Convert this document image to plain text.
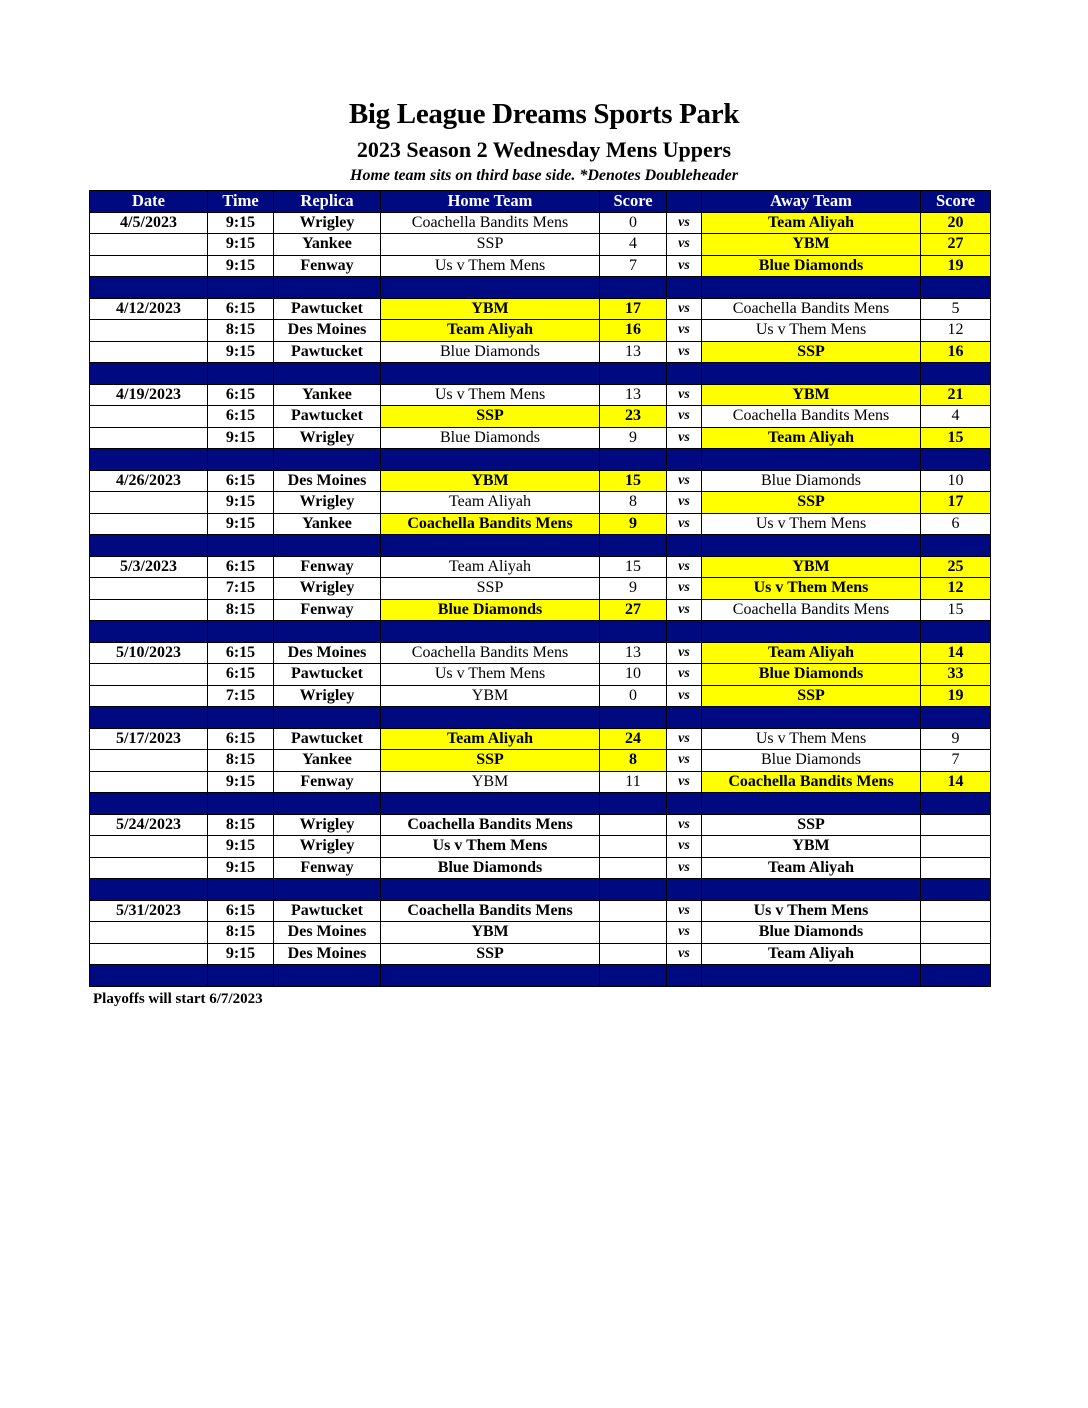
Big League Dreams Sports Park
2023 Season 2 Wednesday Mens Uppers
Home team sits on third base side. *Denotes Doubleheader
Date	Time	Replica	Home Team	Score		Away Team	Score
4/5/2023	9:15	Wrigley	Coachella Bandits Mens	0	vs	Team Aliyah	20
	9:15	Yankee	SSP	4	vs	YBM	27
	9:15	Fenway	Us v Them Mens	7	vs	Blue Diamonds	19

4/12/2023	6:15	Pawtucket	YBM	17	vs	Coachella Bandits Mens	5
	8:15	Des Moines	Team Aliyah	16	vs	Us v Them Mens	12
	9:15	Pawtucket	Blue Diamonds	13	vs	SSP	16

4/19/2023	6:15	Yankee	Us v Them Mens	13	vs	YBM	21
	6:15	Pawtucket	SSP	23	vs	Coachella Bandits Mens	4
	9:15	Wrigley	Blue Diamonds	9	vs	Team Aliyah	15

4/26/2023	6:15	Des Moines	YBM	15	vs	Blue Diamonds	10
	9:15	Wrigley	Team Aliyah	8	vs	SSP	17
	9:15	Yankee	Coachella Bandits Mens	9	vs	Us v Them Mens	6

5/3/2023	6:15	Fenway	Team Aliyah	15	vs	YBM	25
	7:15	Wrigley	SSP	9	vs	Us v Them Mens	12
	8:15	Fenway	Blue Diamonds	27	vs	Coachella Bandits Mens	15

5/10/2023	6:15	Des Moines	Coachella Bandits Mens	13	vs	Team Aliyah	14
	6:15	Pawtucket	Us v Them Mens	10	vs	Blue Diamonds	33
	7:15	Wrigley	YBM	0	vs	SSP	19

5/17/2023	6:15	Pawtucket	Team Aliyah	24	vs	Us v Them Mens	9
	8:15	Yankee	SSP	8	vs	Blue Diamonds	7
	9:15	Fenway	YBM	11	vs	Coachella Bandits Mens	14

5/24/2023	8:15	Wrigley	Coachella Bandits Mens		vs	SSP	
	9:15	Wrigley	Us v Them Mens		vs	YBM	
	9:15	Fenway	Blue Diamonds		vs	Team Aliyah	

5/31/2023	6:15	Pawtucket	Coachella Bandits Mens		vs	Us v Them Mens	
	8:15	Des Moines	YBM		vs	Blue Diamonds	
	9:15	Des Moines	SSP		vs	Team Aliyah	

Playoffs will start 6/7/2023
